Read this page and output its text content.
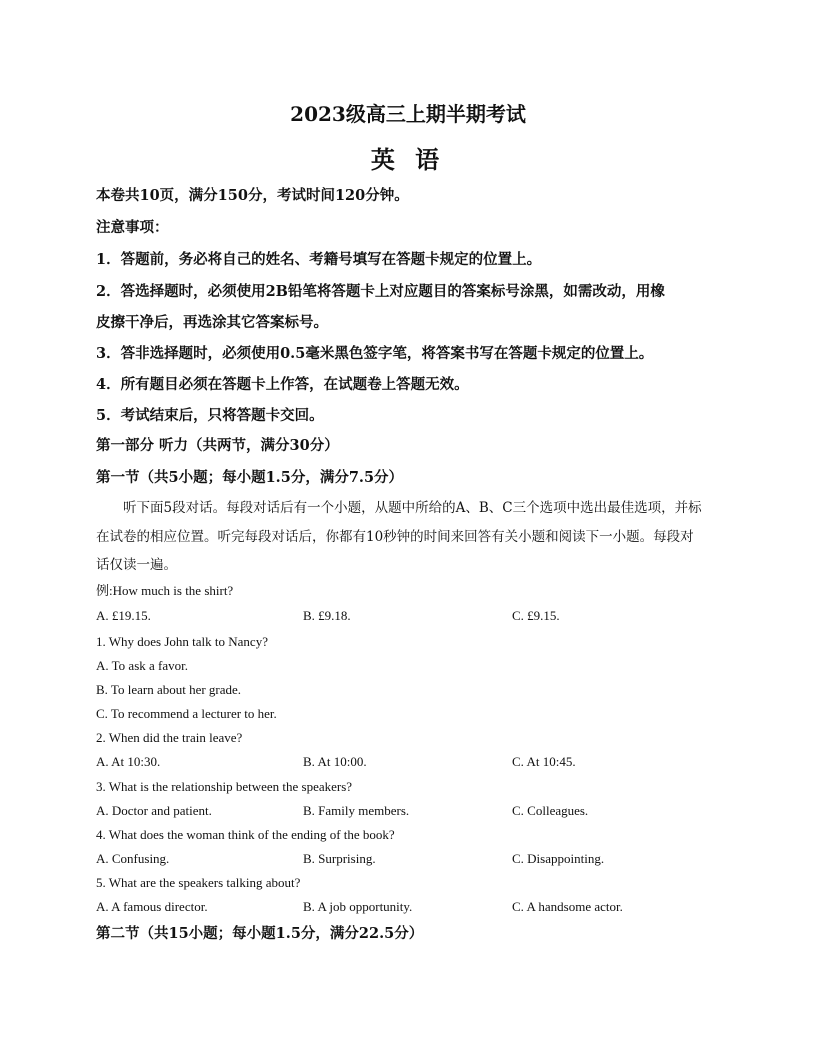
2023级高三上期半期考试
英 语
本卷共10页，满分150分，考试时间120分钟。
注意事项：
1．答题前，务必将自己的姓名、考籍号填写在答题卡规定的位置上。
2．答选择题时，必须使用2B铅笔将答题卡上对应题目的答案标号涂黑，如需改动，用橡
皮擦干净后，再选涂其它答案标号。
3．答非选择题时，必须使用0.5毫米黑色签字笔，将答案书写在答题卡规定的位置上。
4．所有题目必须在答题卡上作答，在试题卷上答题无效。
5．考试结束后，只将答题卡交回。
第一部分 听力（共两节，满分30分）
第一节（共5小题；每小题1.5分，满分7.5分）
　　听下面5段对话。每段对话后有一个小题，从题中所给的A、B、C三个选项中选出最佳选项，并标
在试卷的相应位置。听完每段对话后，你都有10秒钟的时间来回答有关小题和阅读下一小题。每段对
话仅读一遍。
例:How much is the shirt?
A. £19.15.	B. £9.18.	C. £9.15.
1. Why does John talk to Nancy?
A. To ask a favor.
B. To learn about her grade.
C. To recommend a lecturer to her.
2. When did the train leave?
A. At 10:30.	B. At 10:00.	C. At 10:45.
3. What is the relationship between the speakers?
A. Doctor and patient.	B. Family members.	C. Colleagues.
4. What does the woman think of the ending of the book?
A. Confusing.	B. Surprising.	C. Disappointing.
5. What are the speakers talking about?
A. A famous director.	B. A job opportunity.	C. A handsome actor.
第二节（共15小题；每小题1.5分，满分22.5分）
